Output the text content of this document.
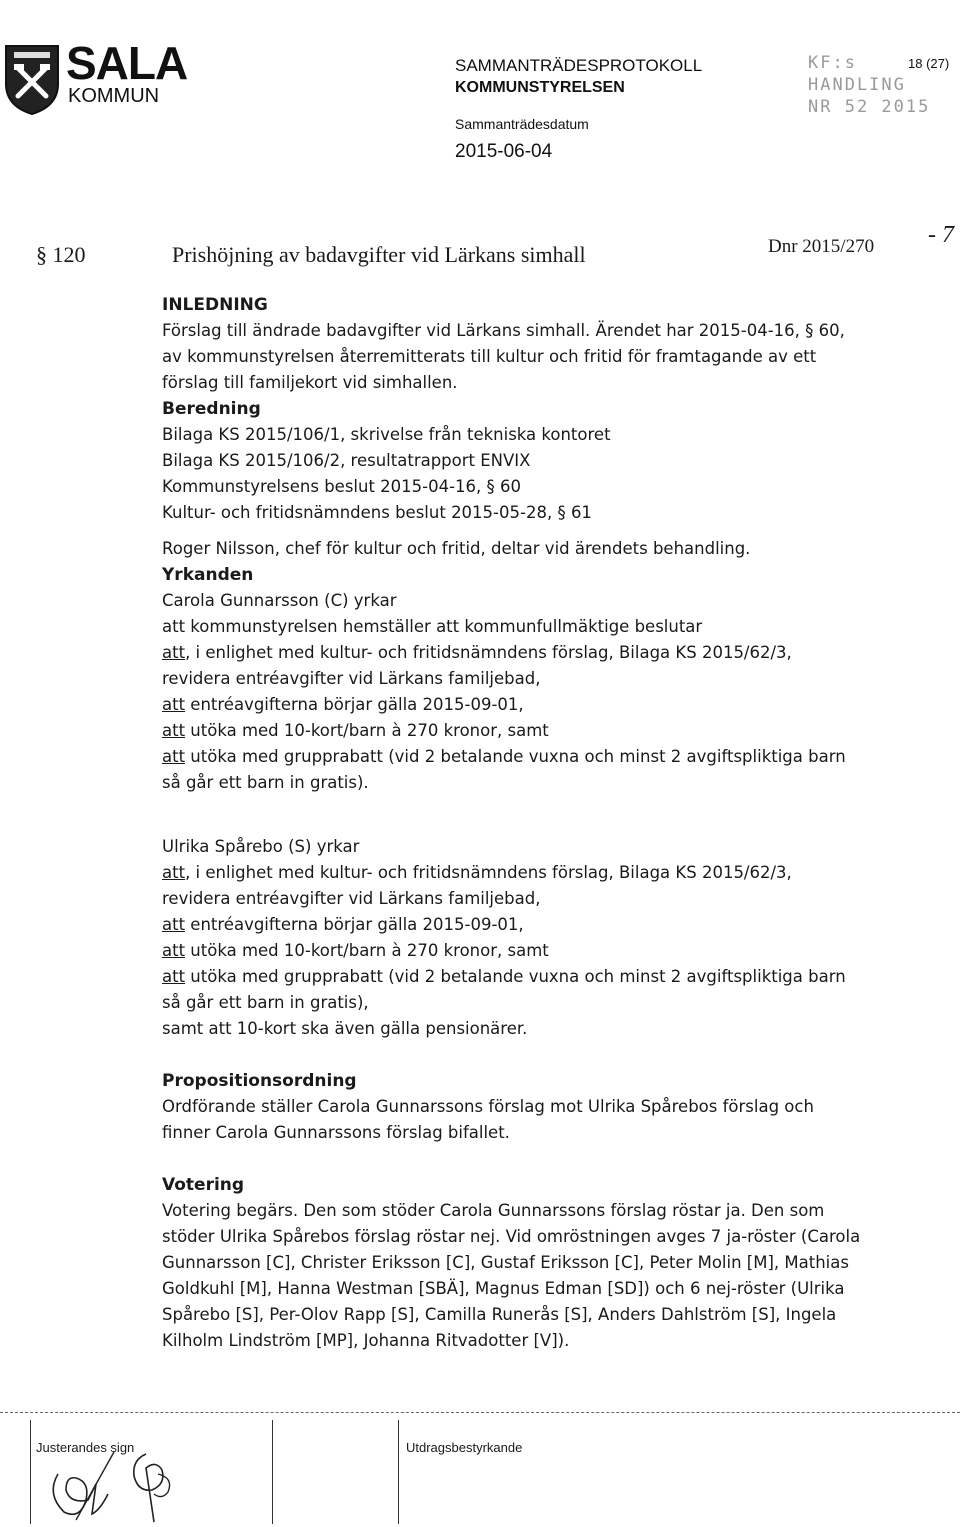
SALA
KOMMUN
SAMMANTRÄDESPROTOKOLL
KOMMUNSTYRELSEN
Sammanträdesdatum
2015-06-04
18 (27)
KF:s
HANDLING
NR 52 2015
Dnr 2015/270 - 7
§ 120	Prishöjning av badavgifter vid Lärkans simhall
INLEDNING
Förslag till ändrade badavgifter vid Lärkans simhall. Ärendet har 2015-04-16, § 60,
av kommunstyrelsen återremitterats till kultur och fritid för framtagande av ett
förslag till familjekort vid simhallen.
Beredning
Bilaga KS 2015/106/1, skrivelse från tekniska kontoret
Bilaga KS 2015/106/2, resultatrapport ENVIX
Kommunstyrelsens beslut 2015-04-16, § 60
Kultur- och fritidsnämndens beslut 2015-05-28, § 61
Roger Nilsson, chef för kultur och fritid, deltar vid ärendets behandling.
Yrkanden
Carola Gunnarsson (C) yrkar
att kommunstyrelsen hemställer att kommunfullmäktige beslutar
att, i enlighet med kultur- och fritidsnämndens förslag, Bilaga KS 2015/62/3,
revidera entréavgifter vid Lärkans familjebad,
att entréavgifterna börjar gälla 2015-09-01,
att utöka med 10-kort/barn à 270 kronor, samt
att utöka med grupprabatt (vid 2 betalande vuxna och minst 2 avgiftspliktiga barn
så går ett barn in gratis).
Ulrika Spårebo (S) yrkar
att, i enlighet med kultur- och fritidsnämndens förslag, Bilaga KS 2015/62/3,
revidera entréavgifter vid Lärkans familjebad,
att entréavgifterna börjar gälla 2015-09-01,
att utöka med 10-kort/barn à 270 kronor, samt
att utöka med grupprabatt (vid 2 betalande vuxna och minst 2 avgiftspliktiga barn
så går ett barn in gratis),
samt att 10-kort ska även gälla pensionärer.
Propositionsordning
Ordförande ställer Carola Gunnarssons förslag mot Ulrika Spårebos förslag och
finner Carola Gunnarssons förslag bifallet.
Votering
Votering begärs. Den som stöder Carola Gunnarssons förslag röstar ja. Den som
stöder Ulrika Spårebos förslag röstar nej. Vid omröstningen avges 7 ja-röster (Carola
Gunnarsson [C], Christer Eriksson [C], Gustaf Eriksson [C], Peter Molin [M], Mathias
Goldkuhl [M], Hanna Westman [SBÄ], Magnus Edman [SD]) och 6 nej-röster (Ulrika
Spårebo [S], Per-Olov Rapp [S], Camilla Runerås [S], Anders Dahlström [S], Ingela
Kilholm Lindström [MP], Johanna Ritvadotter [V]).
Justerandes sign	Utdragsbestyrkande
